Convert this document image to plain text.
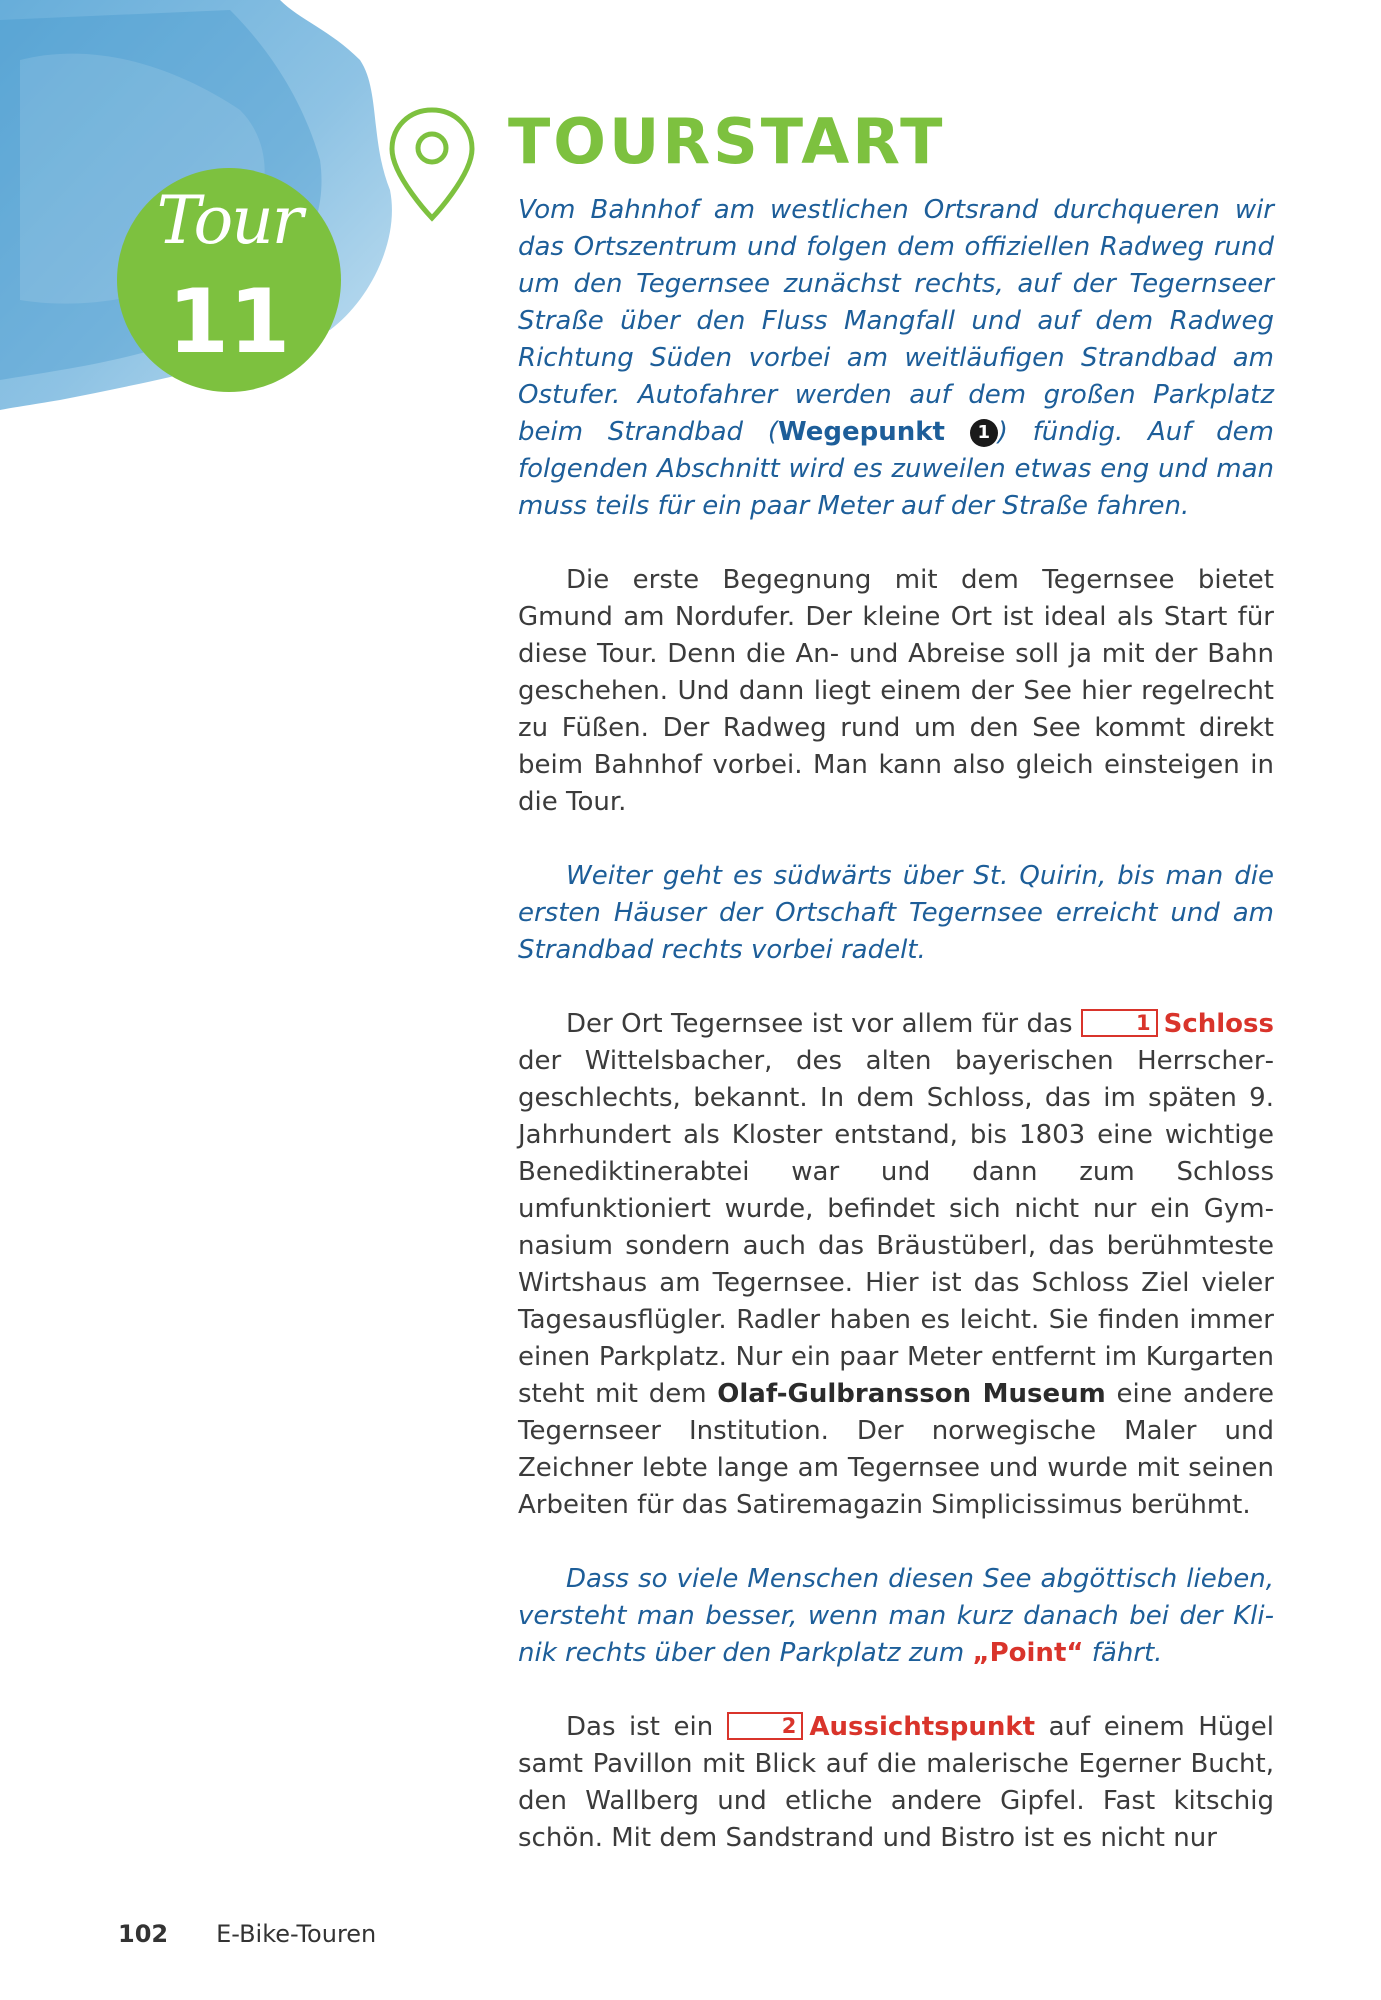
Tour
11
TOURSTART

Vom Bahnhof am westlichen Ortsrand durchqueren wir das Ortszentrum und folgen dem offiziellen Radweg rund um den Tegernsee zunächst rechts, auf der Tegernseer Straße über den Fluss Mangfall und auf dem Radweg Richtung Süden vorbei am weitläufigen Strandbad am Ostufer. Autofahrer werden auf dem großen Parkplatz beim Strandbad (Wegepunkt 1 ) fündig. Auf dem folgenden Abschnitt wird es zuweilen etwas eng und man muss teils für ein paar Meter auf der Straße fahren.

Die erste Begegnung mit dem Tegernsee bietet Gmund am Nordufer. Der kleine Ort ist ideal als Start für diese Tour. Denn die An- und Abreise soll ja mit der Bahn geschehen. Und dann liegt einem der See hier regelrecht zu Füßen. Der Radweg rund um den See kommt direkt beim Bahnhof vorbei. Man kann also gleich einsteigen in die Tour.

Weiter geht es südwärts über St. Quirin, bis man die ersten Häuser der Ortschaft Tegernsee erreicht und am Strandbad rechts vorbei radelt.

Der Ort Tegernsee ist vor allem für das	1 Schloss der Wittelsbacher, des alten bayerischen Herrschergeschlechts, bekannt. In dem Schloss, das im späten 9. Jahrhundert als Kloster entstand, bis 1803 eine wichtige Benediktinerabtei war und dann zum Schloss umfunktioniert wurde, befindet sich nicht nur ein Gymnasium sondern auch das Bräustüberl, das berühmteste Wirtshaus am Tegernsee. Hier ist das Schloss Ziel vieler Tagesausflügler. Radler haben es leicht. Sie finden immer einen Parkplatz. Nur ein paar Meter entfernt im Kurgarten steht mit dem Olaf-Gulbransson Museum eine andere Tegernseer Institution. Der norwegische Maler und Zeichner lebte lange am Tegernsee und wurde mit seinen Arbeiten für das Satiremagazin Simplicissimus berühmt.

Dass so viele Menschen diesen See abgöttisch lieben, versteht man besser, wenn man kurz danach bei der Klinik rechts über den Parkplatz zum „Point“ fährt.

Das ist ein	2 Aussichtspunkt auf einem Hügel samt Pavillon mit Blick auf die malerische Egerner Bucht, den Wallberg und etliche andere Gipfel. Fast kitschig schön. Mit dem Sandstrand und Bistro ist es nicht nur

102 E-Bike-Touren
